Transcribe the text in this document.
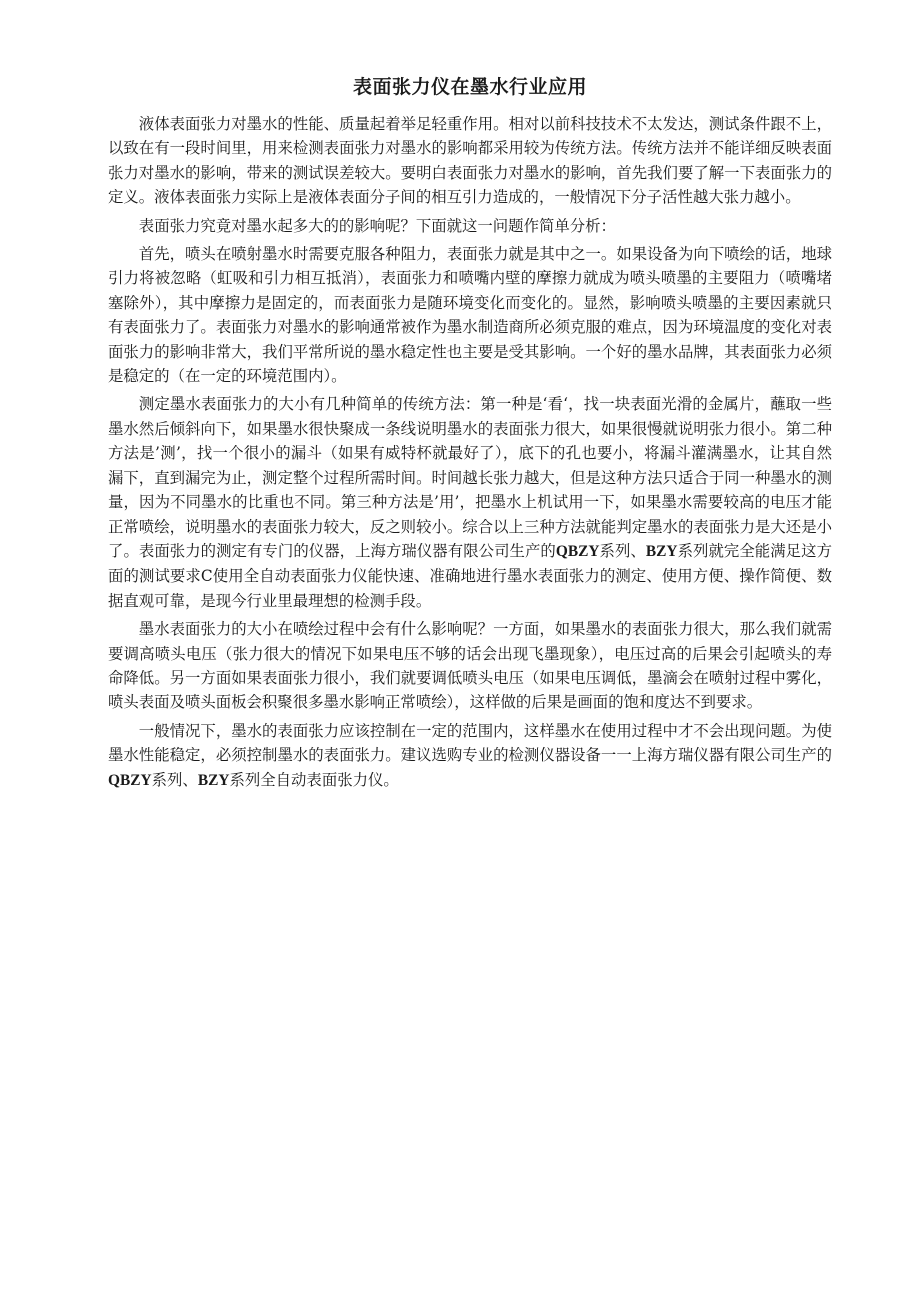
表面张力仪在墨水行业应用

液体表面张力对墨水的性能、质量起着举足轻重作用。相对以前科技技术不太发达，测试条件跟不上，以致在有一段时间里，用来检测表面张力对墨水的影响都采用较为传统方法。传统方法并不能详细反映表面张力对墨水的影响，带来的测试误差较大。要明白表面张力对墨水的影响，首先我们要了解一下表面张力的定义。液体表面张力实际上是液体表面分子间的相互引力造成的，一般情况下分子活性越大张力越小。

表面张力究竟对墨水起多大的的影响呢？下面就这一问题作简单分析：

首先，喷头在喷射墨水时需要克服各种阻力，表面张力就是其中之一。如果设备为向下喷绘的话，地球引力将被忽略（虹吸和引力相互抵消），表面张力和喷嘴内壁的摩擦力就成为喷头喷墨的主要阻力（喷嘴堵塞除外），其中摩擦力是固定的，而表面张力是随环境变化而变化的。显然，影响喷头喷墨的主要因素就只有表面张力了。表面张力对墨水的影响通常被作为墨水制造商所必须克服的难点，因为环境温度的变化对表面张力的影响非常大，我们平常所说的墨水稳定性也主要是受其影响。一个好的墨水品牌，其表面张力必须是稳定的（在一定的环境范围内）。

测定墨水表面张力的大小有几种简单的传统方法：第一种是‘看‘，找一块表面光滑的金属片，蘸取一些墨水然后倾斜向下，如果墨水很快聚成一条线说明墨水的表面张力很大，如果很慢就说明张力很小。第二种方法是’测’，找一个很小的漏斗（如果有威特杯就最好了），底下的孔也要小，将漏斗灌满墨水，让其自然漏下，直到漏完为止，测定整个过程所需时间。时间越长张力越大，但是这种方法只适合于同一种墨水的测量，因为不同墨水的比重也不同。第三种方法是’用’，把墨水上机试用一下，如果墨水需要较高的电压才能正常喷绘，说明墨水的表面张力较大，反之则较小。综合以上三种方法就能判定墨水的表面张力是大还是小了。表面张力的测定有专门的仪器，上海方瑞仪器有限公司生产的QBZY系列、BZY系列就完全能满足这方面的测试要求C使用全自动表面张力仪能快速、准确地进行墨水表面张力的测定、使用方便、操作简便、数据直观可靠，是现今行业里最理想的检测手段。

墨水表面张力的大小在喷绘过程中会有什么影响呢？一方面，如果墨水的表面张力很大，那么我们就需要调高喷头电压（张力很大的情况下如果电压不够的话会出现飞墨现象），电压过高的后果会引起喷头的寿命降低。另一方面如果表面张力很小，我们就要调低喷头电压（如果电压调低，墨滴会在喷射过程中雾化，喷头表面及喷头面板会积聚很多墨水影响正常喷绘），这样做的后果是画面的饱和度达不到要求。

一般情况下，墨水的表面张力应该控制在一定的范围内，这样墨水在使用过程中才不会出现问题。为使墨水性能稳定，必须控制墨水的表面张力。建议选购专业的检测仪器设备一一上海方瑞仪器有限公司生产的QBZY系列、BZY系列全自动表面张力仪。
